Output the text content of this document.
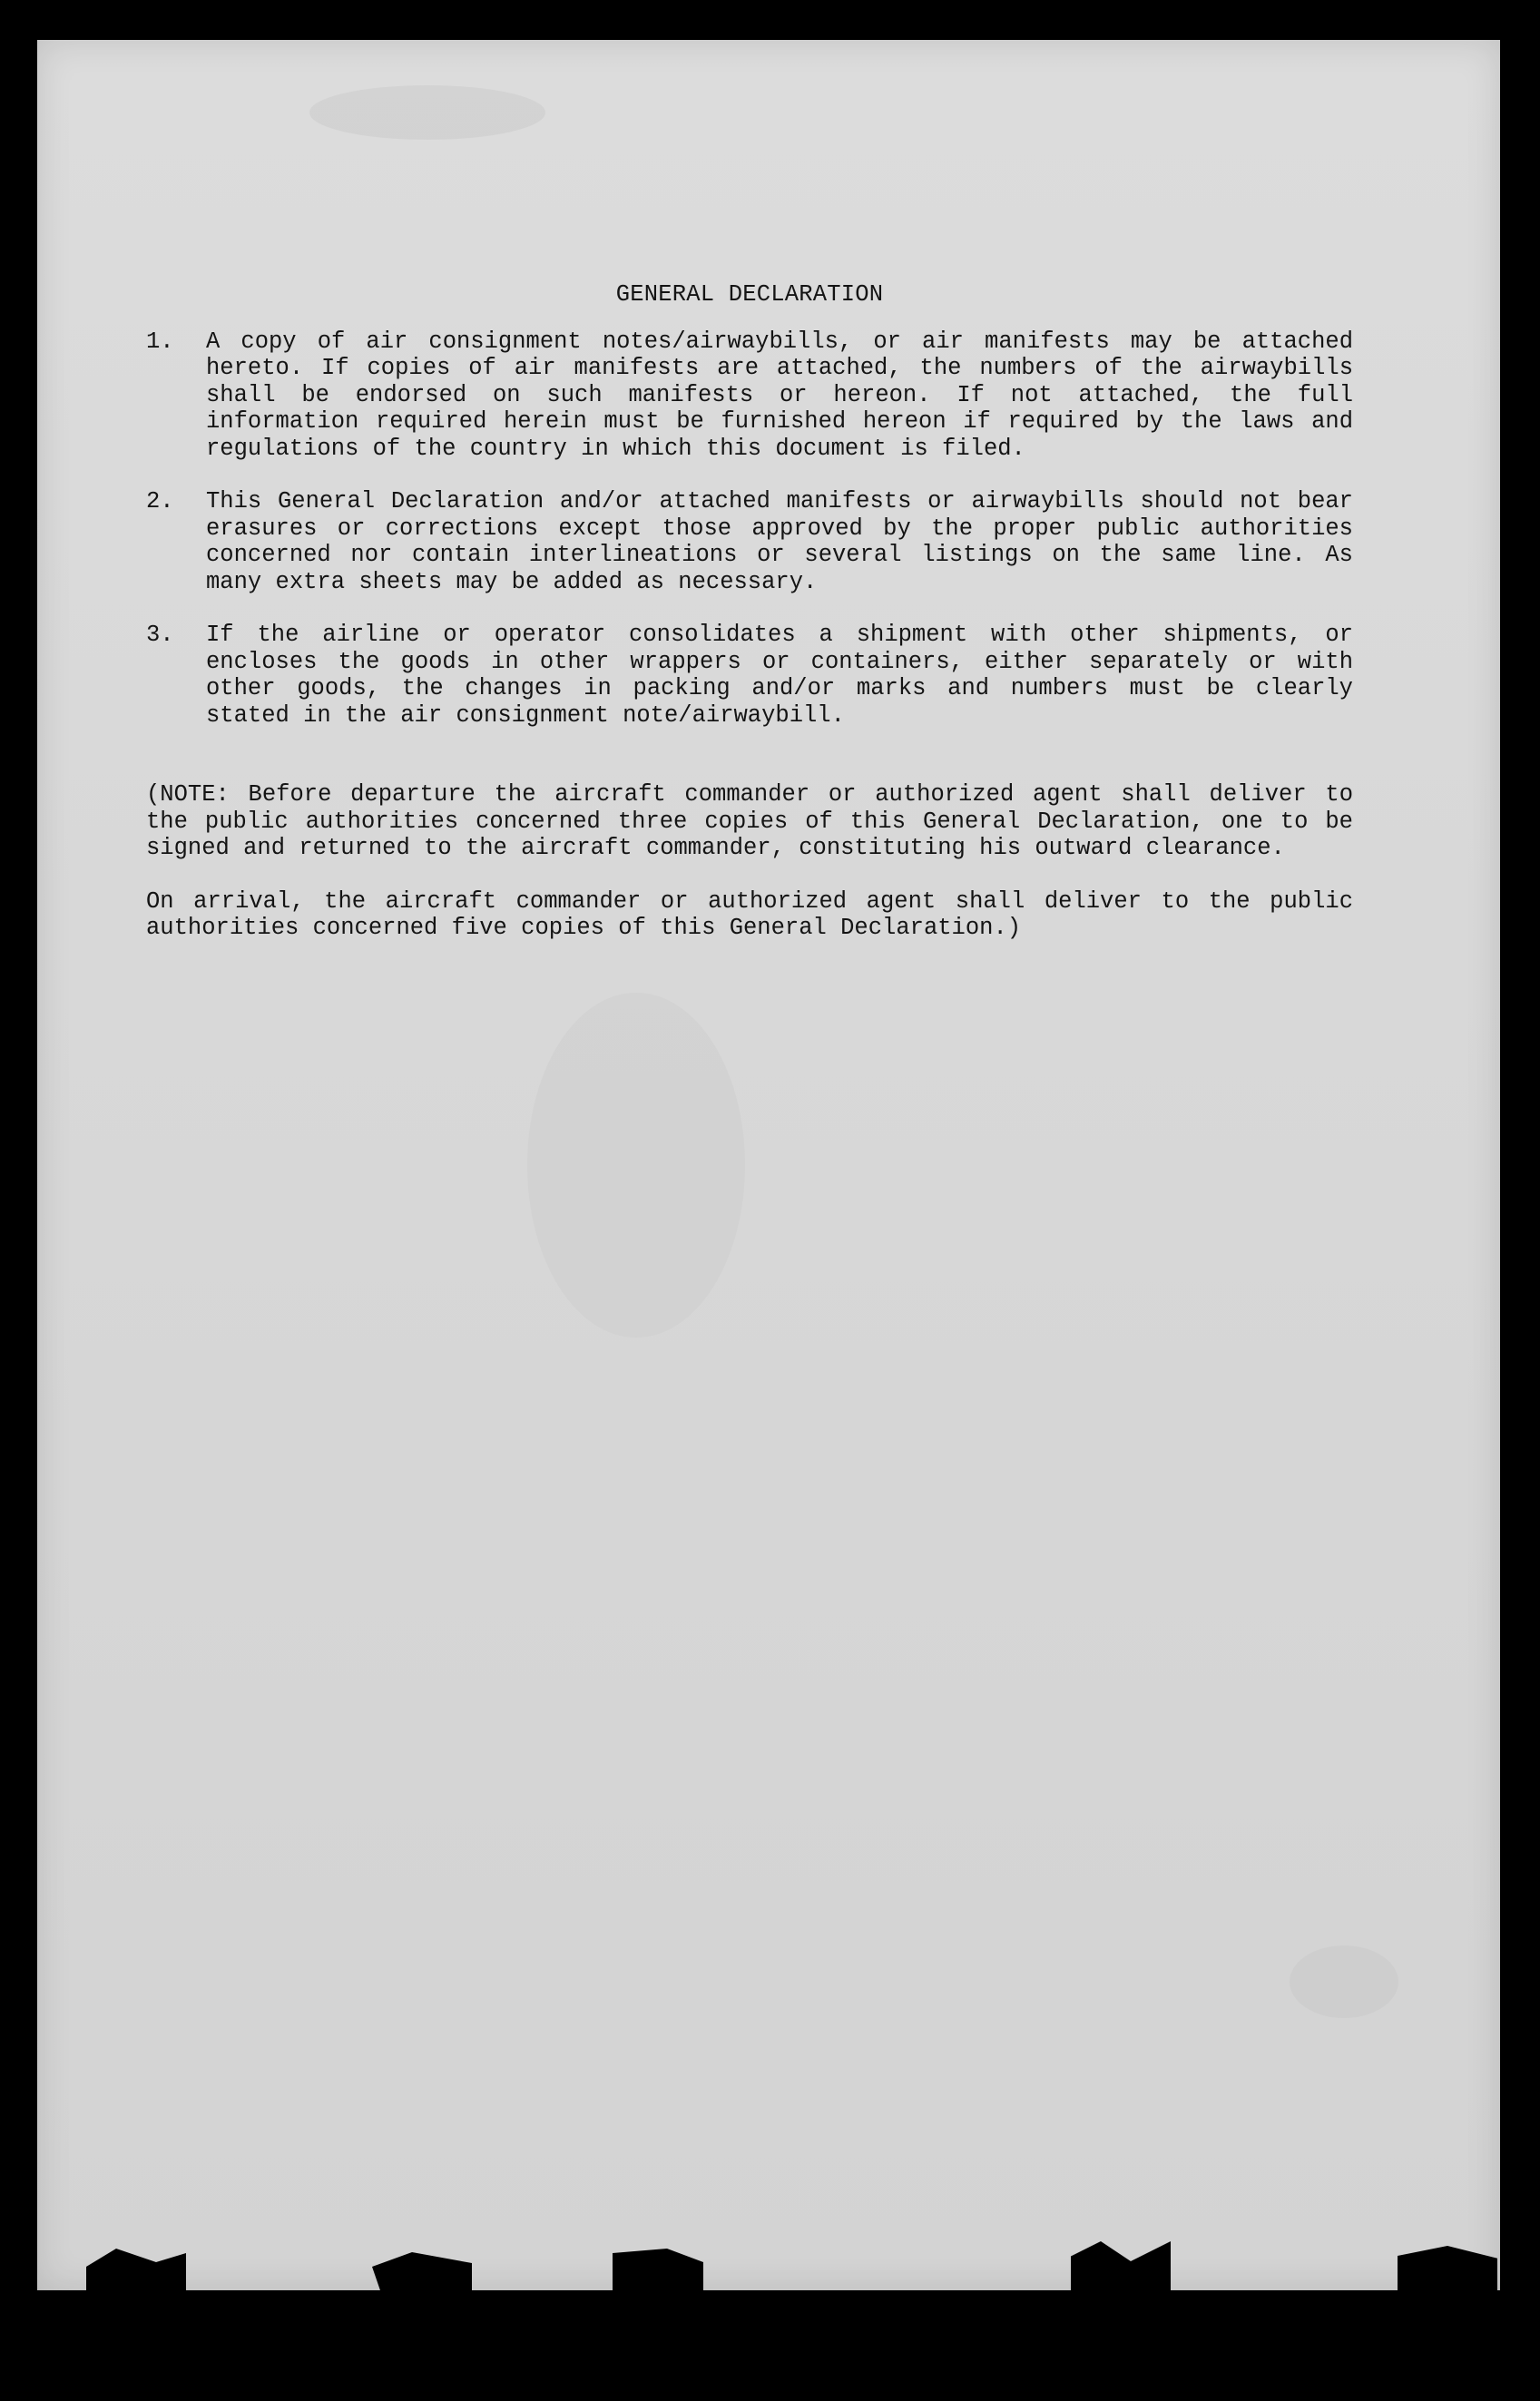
GENERAL DECLARATION
1. A copy of air consignment notes/airwaybills, or air manifests may be attached hereto. If copies of air manifests are attached, the numbers of the airwaybills shall be endorsed on such manifests or hereon. If not attached, the full information required herein must be furnished hereon if required by the laws and regulations of the country in which this document is filed.
2. This General Declaration and/or attached manifests or airwaybills should not bear erasures or corrections except those approved by the proper public authorities concerned nor contain interlineations or several listings on the same line. As many extra sheets may be added as necessary.
3. If the airline or operator consolidates a shipment with other shipments, or encloses the goods in other wrappers or containers, either separately or with other goods, the changes in packing and/or marks and numbers must be clearly stated in the air consignment note/airwaybill.
(NOTE: Before departure the aircraft commander or authorized agent shall deliver to the public authorities concerned three copies of this General Declaration, one to be signed and returned to the aircraft commander, constituting his outward clearance.
On arrival, the aircraft commander or authorized agent shall deliver to the public authorities concerned five copies of this General Declaration.)
